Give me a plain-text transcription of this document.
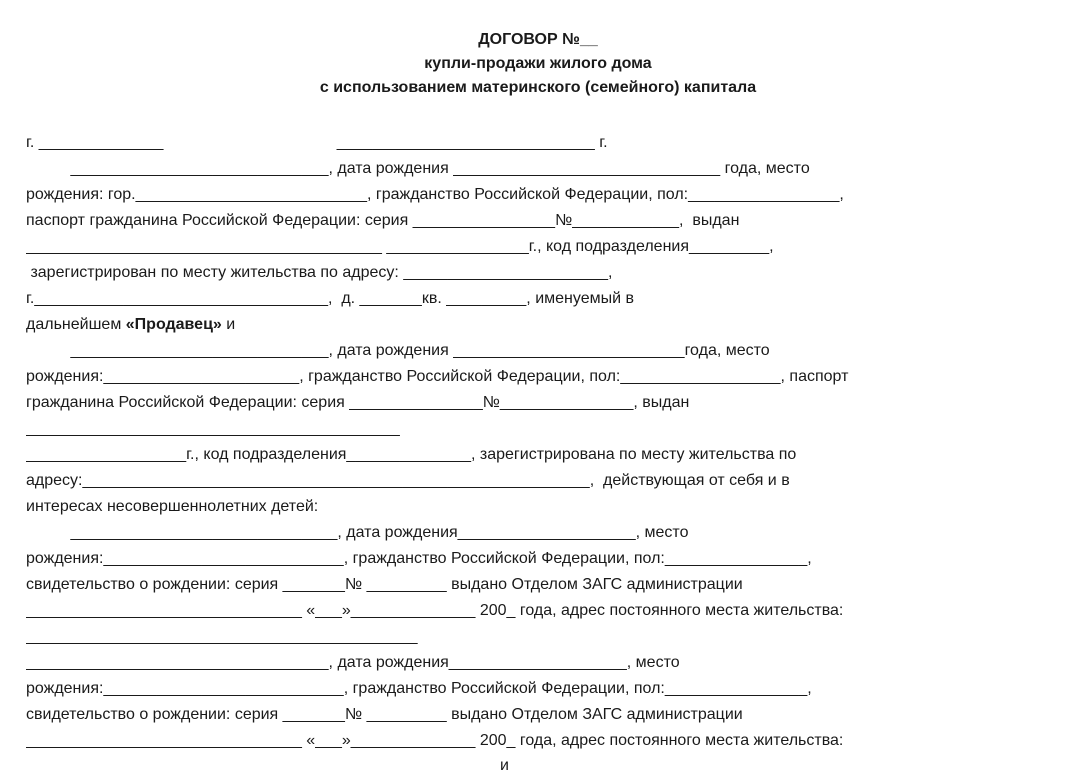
ДОГОВОР №__
купли-продажи жилого дома
с использованием материнского (семейного) капитала
г. ______________                                       _____________________________ г.
_____________________________, дата рождения ______________________________ года, место
рождения: гор.__________________________, гражданство Российской Федерации, пол:_________________,
паспорт гражданина Российской Федерации: серия ________________№____________,  выдан
________________________________________ ________________г., код подразделения_________,
зарегистрирован по месту жительства по адресу: _______________________,
г._________________________________,  д. _______кв. _________, именуемый в
дальнейшем «Продавец» и
_____________________________, дата рождения __________________________года, место
рождения:______________________, гражданство Российской Федерации, пол:__________________, паспорт
гражданина Российской Федерации: серия _______________№_______________, выдан
__________________________________________
__________________г., код подразделения______________, зарегистрирована по месту жительства по
адресу:_________________________________________________________,  действующая от себя и в
интересах несовершеннолетних детей:
______________________________, дата рождения____________________, место
рождения:___________________________, гражданство Российской Федерации, пол:________________,
свидетельство о рождении: серия _______№ _________ выдано Отделом ЗАГС администрации
_______________________________ «___»______________ 200_ года, адрес постоянного места жительства:
____________________________________________
__________________________________, дата рождения____________________, место
рождения:___________________________, гражданство Российской Федерации, пол:________________,
свидетельство о рождении: серия _______№ _________ выдано Отделом ЗАГС администрации
_______________________________ «___»______________ 200_ года, адрес постоянного места жительства:
и
